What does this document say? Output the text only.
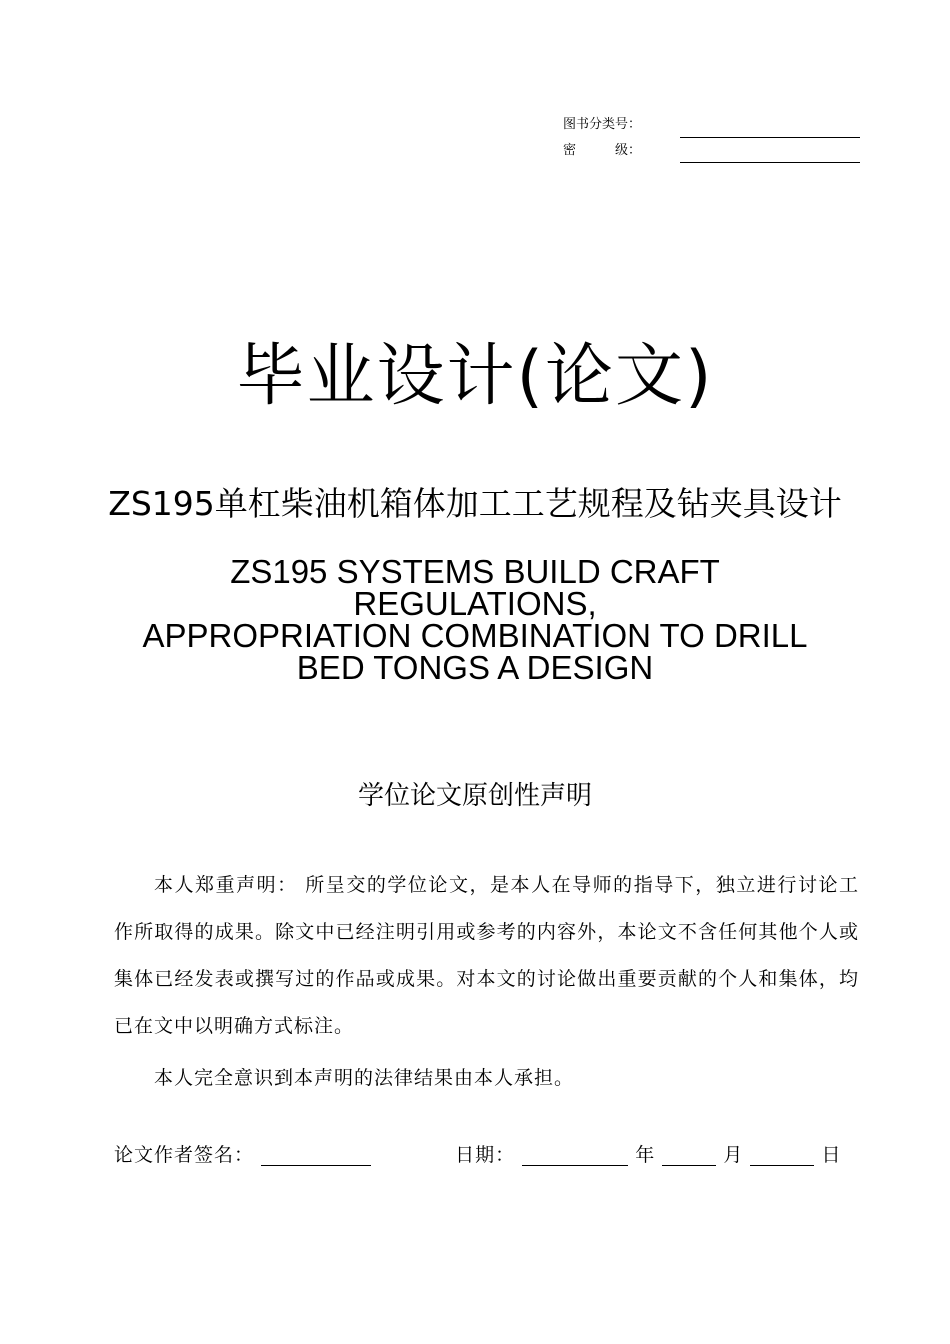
图书分类号：
密　　　级：
毕业设计(论文)
ZS195单杠柴油机箱体加工工艺规程及钻夹具设计
ZS195 SYSTEMS BUILD CRAFT
REGULATIONS,
APPROPRIATION COMBINATION TO DRILL
BED TONGS A DESIGN
学位论文原创性声明
本人郑重声明： 所呈交的学位论文，是本人在导师的指导下，独立进行讨论工作所取得的成果。除文中已经注明引用或参考的内容外，本论文不含任何其他个人或集体已经发表或撰写过的作品或成果。对本文的讨论做出重要贡献的个人和集体，均已在文中以明确方式标注。
本人完全意识到本声明的法律结果由本人承担。
论文作者签名：	日期：	年	月	日
